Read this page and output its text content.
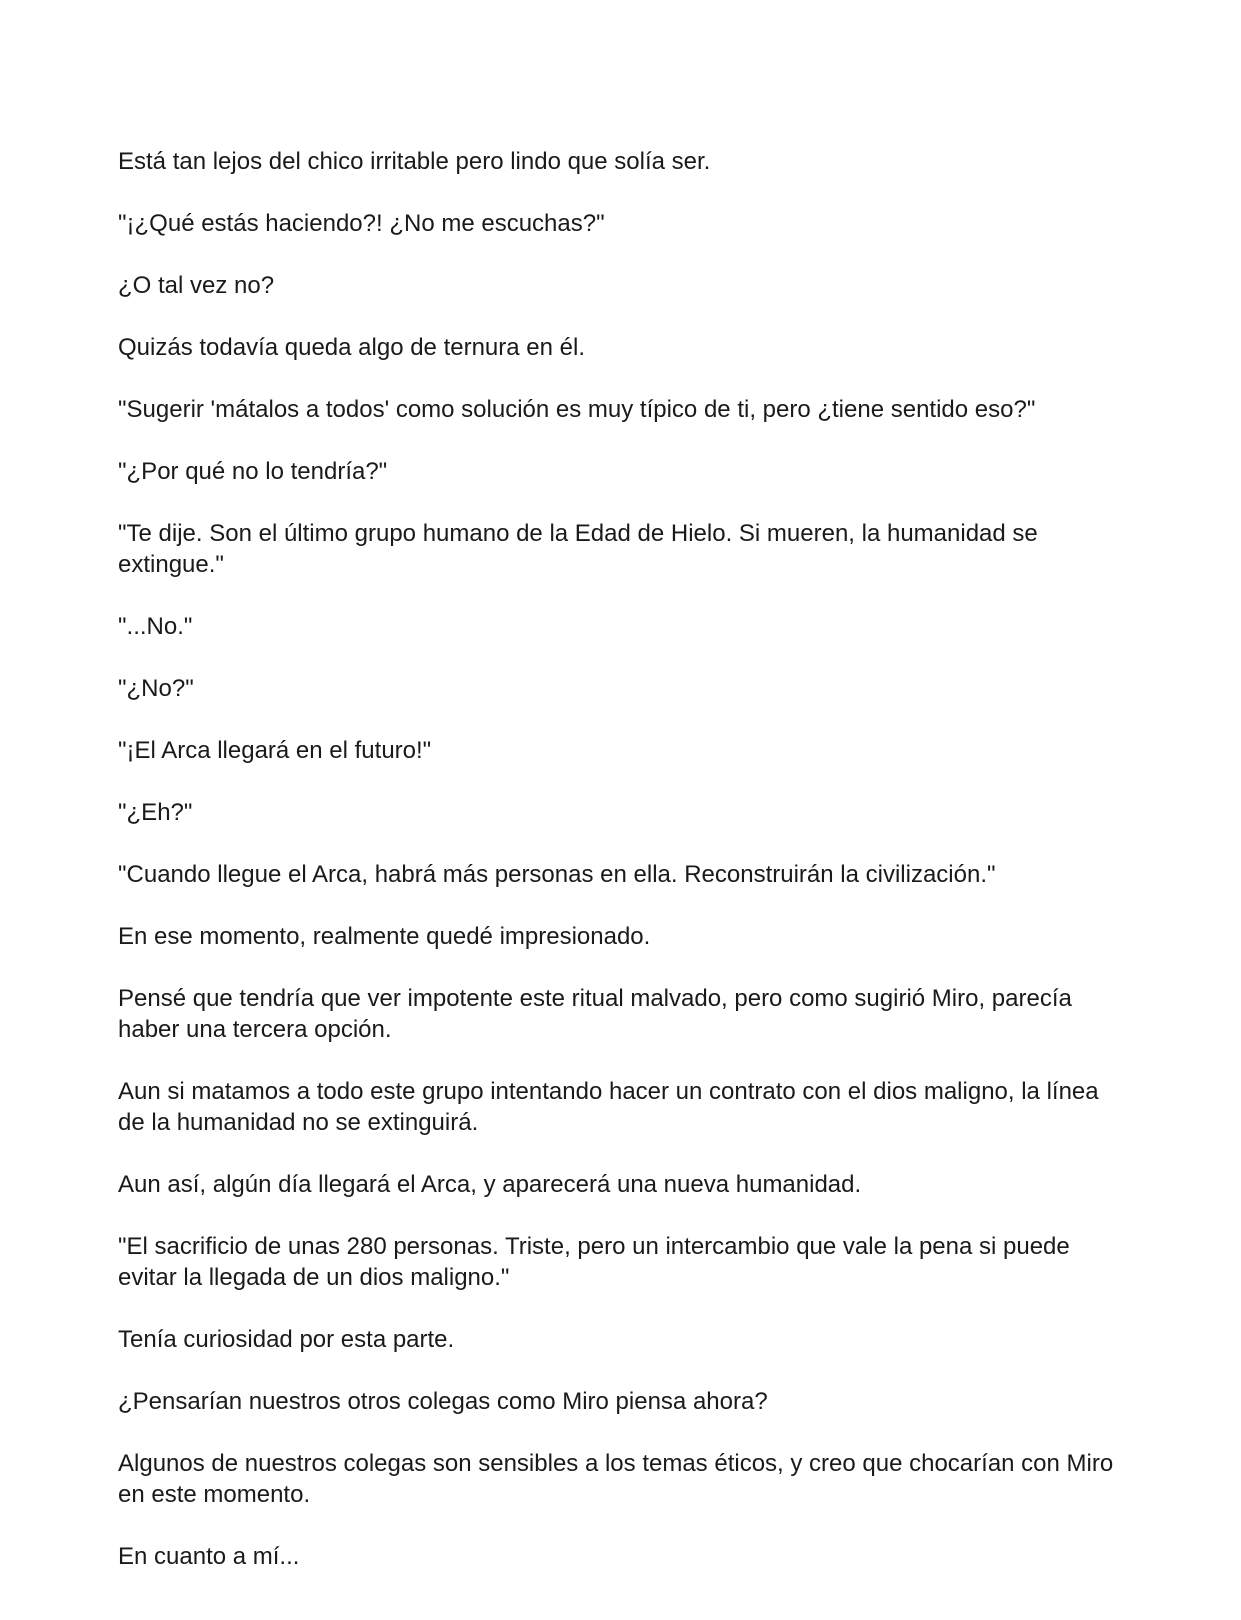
Está tan lejos del chico irritable pero lindo que solía ser.

"¡¿Qué estás haciendo?! ¿No me escuchas?"

¿O tal vez no?

Quizás todavía queda algo de ternura en él.

"Sugerir 'mátalos a todos' como solución es muy típico de ti, pero ¿tiene sentido eso?"

"¿Por qué no lo tendría?"

"Te dije. Son el último grupo humano de la Edad de Hielo. Si mueren, la humanidad se extingue."

"...No."

"¿No?"

"¡El Arca llegará en el futuro!"

"¿Eh?"

"Cuando llegue el Arca, habrá más personas en ella. Reconstruirán la civilización."

En ese momento, realmente quedé impresionado.

Pensé que tendría que ver impotente este ritual malvado, pero como sugirió Miro, parecía haber una tercera opción.

Aun si matamos a todo este grupo intentando hacer un contrato con el dios maligno, la línea de la humanidad no se extinguirá.

Aun así, algún día llegará el Arca, y aparecerá una nueva humanidad.

"El sacrificio de unas 280 personas. Triste, pero un intercambio que vale la pena si puede evitar la llegada de un dios maligno."

Tenía curiosidad por esta parte.

¿Pensarían nuestros otros colegas como Miro piensa ahora?

Algunos de nuestros colegas son sensibles a los temas éticos, y creo que chocarían con Miro en este momento.

En cuanto a mí...
